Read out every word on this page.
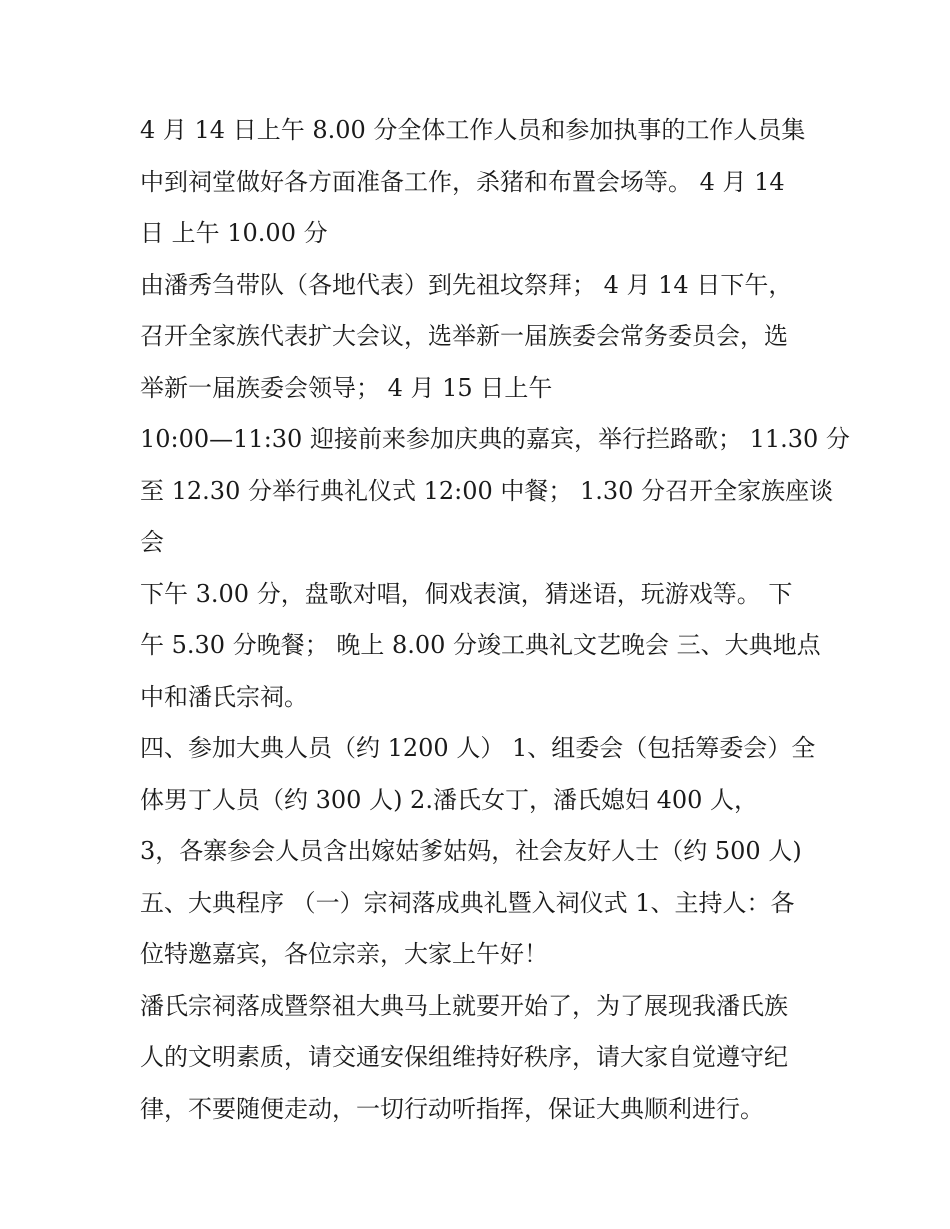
4 月 14 日上午 8.00 分全体工作人员和参加执事的工作人员集
中到祠堂做好各方面准备工作，杀猪和布置会场等。 4 月 14
日 上午 10.00 分
由潘秀刍带队（各地代表）到先祖坟祭拜； 4 月 14 日下午，
召开全家族代表扩大会议，选举新一届族委会常务委员会，选
举新一届族委会领导； 4 月 15 日上午
10:00—11:30 迎接前来参加庆典的嘉宾，举行拦路歌； 11.30 分
至 12.30 分举行典礼仪式 12:00 中餐； 1.30 分召开全家族座谈
会
下午 3.00 分，盘歌对唱，侗戏表演，猜迷语，玩游戏等。 下
午 5.30 分晚餐； 晚上 8.00 分竣工典礼文艺晚会 三、大典地点
中和潘氏宗祠。
四、参加大典人员（约 1200 人） 1、组委会（包括筹委会）全
体男丁人员（约 300 人) 2.潘氏女丁，潘氏媳妇 400 人，
3，各寨参会人员含出嫁姑爹姑妈，社会友好人士（约 500 人)
五、大典程序 （一）宗祠落成典礼暨入祠仪式 1、主持人：各
位特邀嘉宾，各位宗亲，大家上午好！
潘氏宗祠落成暨祭祖大典马上就要开始了，为了展现我潘氏族
人的文明素质，请交通安保组维持好秩序，请大家自觉遵守纪
律，不要随便走动，一切行动听指挥，保证大典顺利进行。
